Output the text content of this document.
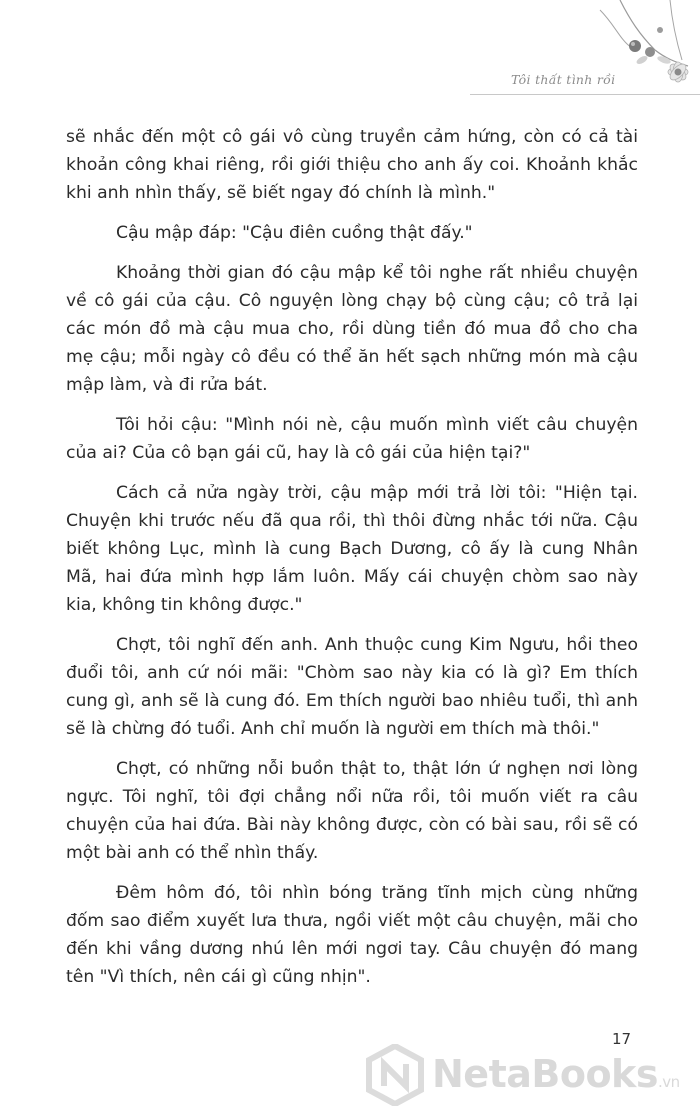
Tôi thất tình rồi

sẽ nhắc đến một cô gái vô cùng truyền cảm hứng, còn có cả tài khoản công khai riêng, rồi giới thiệu cho anh ấy coi. Khoảnh khắc khi anh nhìn thấy, sẽ biết ngay đó chính là mình."

Cậu mập đáp: "Cậu điên cuồng thật đấy."

Khoảng thời gian đó cậu mập kể tôi nghe rất nhiều chuyện về cô gái của cậu. Cô nguyện lòng chạy bộ cùng cậu; cô trả lại các món đồ mà cậu mua cho, rồi dùng tiền đó mua đồ cho cha mẹ cậu; mỗi ngày cô đều có thể ăn hết sạch những món mà cậu mập làm, và đi rửa bát.

Tôi hỏi cậu: "Mình nói nè, cậu muốn mình viết câu chuyện của ai? Của cô bạn gái cũ, hay là cô gái của hiện tại?"

Cách cả nửa ngày trời, cậu mập mới trả lời tôi: "Hiện tại. Chuyện khi trước nếu đã qua rồi, thì thôi đừng nhắc tới nữa. Cậu biết không Lục, mình là cung Bạch Dương, cô ấy là cung Nhân Mã, hai đứa mình hợp lắm luôn. Mấy cái chuyện chòm sao này kia, không tin không được."

Chợt, tôi nghĩ đến anh. Anh thuộc cung Kim Ngưu, hồi theo đuổi tôi, anh cứ nói mãi: "Chòm sao này kia có là gì? Em thích cung gì, anh sẽ là cung đó. Em thích người bao nhiêu tuổi, thì anh sẽ là chừng đó tuổi. Anh chỉ muốn là người em thích mà thôi."

Chợt, có những nỗi buồn thật to, thật lớn ứ nghẹn nơi lòng ngực. Tôi nghĩ, tôi đợi chẳng nổi nữa rồi, tôi muốn viết ra câu chuyện của hai đứa. Bài này không được, còn có bài sau, rồi sẽ có một bài anh có thể nhìn thấy.

Đêm hôm đó, tôi nhìn bóng trăng tĩnh mịch cùng những đốm sao điểm xuyết lưa thưa, ngồi viết một câu chuyện, mãi cho đến khi vầng dương nhú lên mới ngơi tay. Câu chuyện đó mang tên "Vì thích, nên cái gì cũng nhịn".

17
NetaBooks.vn
